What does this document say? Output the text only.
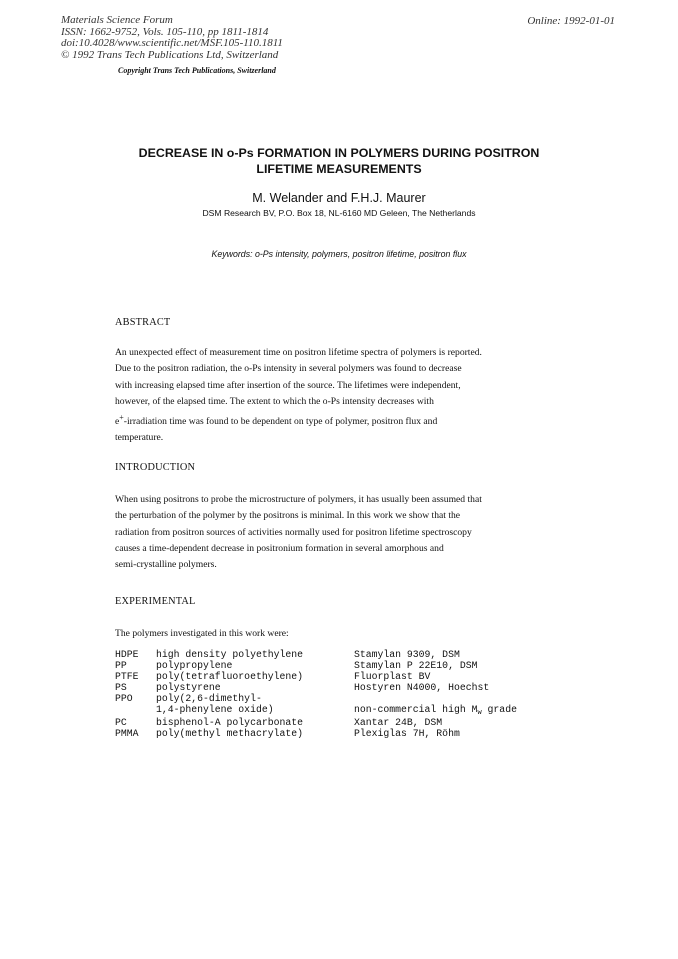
Materials Science Forum
ISSN: 1662-9752, Vols. 105-110, pp 1811-1814
doi:10.4028/www.scientific.net/MSF.105-110.1811
© 1992 Trans Tech Publications Ltd, Switzerland
Online: 1992-01-01
Copyright Trans Tech Publications, Switzerland
DECREASE IN o-Ps FORMATION IN POLYMERS DURING POSITRON
LIFETIME MEASUREMENTS
M. Welander and F.H.J. Maurer
DSM Research BV, P.O. Box 18, NL-6160 MD Geleen, The Netherlands
Keywords: o-Ps intensity, polymers, positron lifetime, positron flux
ABSTRACT
An unexpected effect of measurement time on positron lifetime spectra of polymers is reported.
Due to the positron radiation, the o-Ps intensity in several polymers was found to decrease
with increasing elapsed time after insertion of the source. The lifetimes were independent,
however, of the elapsed time. The extent to which the o-Ps intensity decreases with
e+-irradiation time was found to be dependent on type of polymer, positron flux and
temperature.
INTRODUCTION
When using positrons to probe the microstructure of polymers, it has usually been assumed that
the perturbation of the polymer by the positrons is minimal. In this work we show that the
radiation from positron sources of activities normally used for positron lifetime spectroscopy
causes a time-dependent decrease in positronium formation in several amorphous and
semi-crystalline polymers.
EXPERIMENTAL
The polymers investigated in this work were:
HDPE	high density polyethylene	Stamylan 9309, DSM
PP	polypropylene	Stamylan P 22E10, DSM
PTFE	poly(tetrafluoroethylene)	Fluorplast BV
PS	polystyrene	Hostyren N4000, Hoechst
PPO	poly(2,6-dimethyl-	
	1,4-phenylene oxide)	non-commercial high $M_w$ grade
PC	bisphenol-A polycarbonate	Xantar 24B, DSM
PMMA	poly(methyl methacrylate)	Plexiglas 7H, Röhm
